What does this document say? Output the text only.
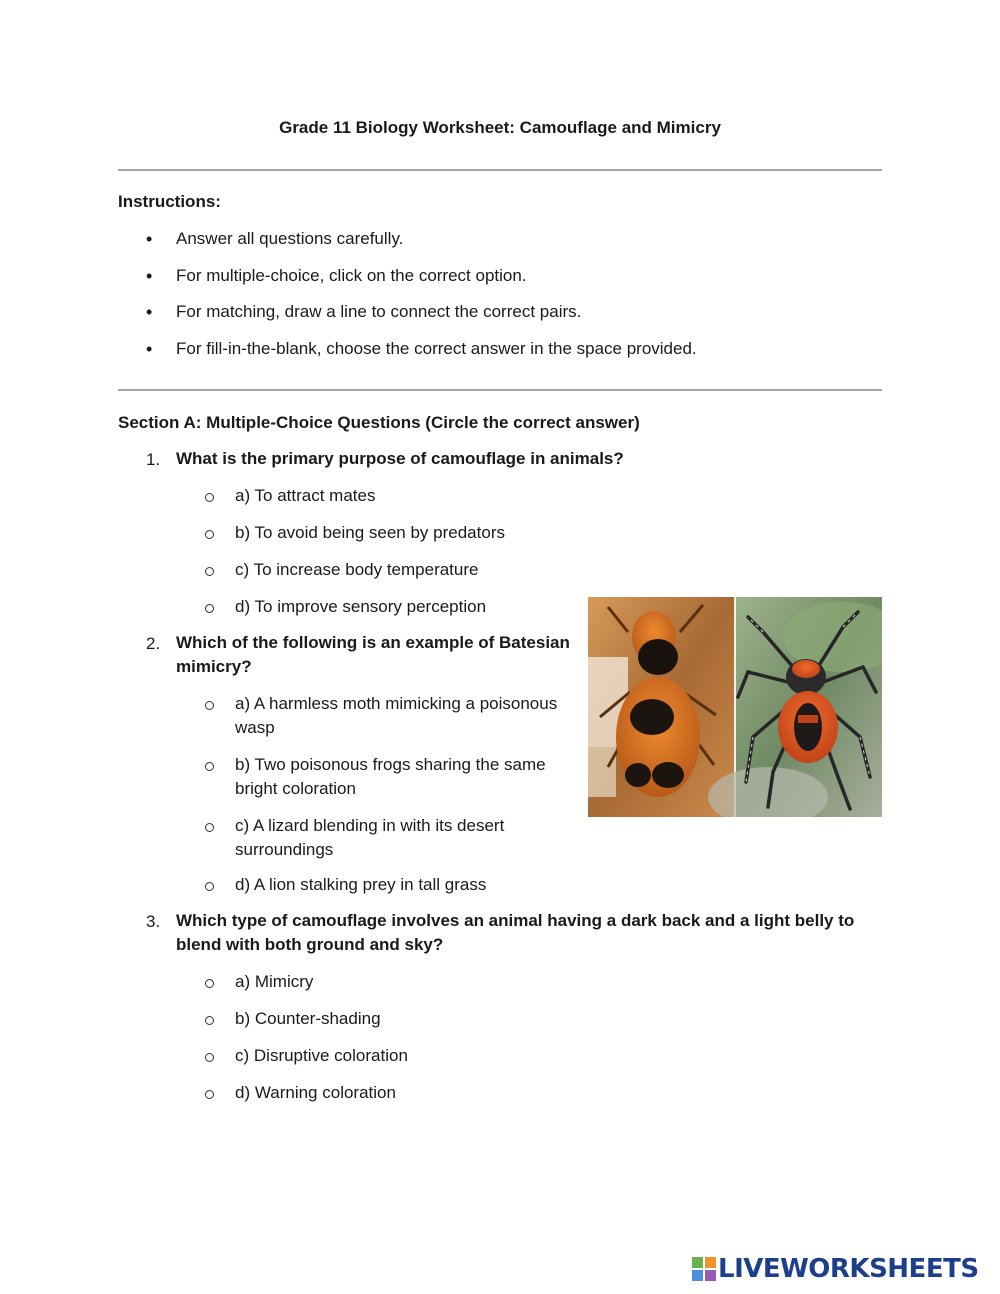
Grade 11 Biology Worksheet: Camouflage and Mimicry
Instructions:
• Answer all questions carefully.
• For multiple-choice, click on the correct option.
• For matching, draw a line to connect the correct pairs.
• For fill-in-the-blank, choose the correct answer in the space provided.
Section A: Multiple-Choice Questions (Circle the correct answer)
1. What is the primary purpose of camouflage in animals?
a) To attract mates
b) To avoid being seen by predators
c) To increase body temperature
d) To improve sensory perception
2. Which of the following is an example of Batesian mimicry?
a) A harmless moth mimicking a poisonous wasp
b) Two poisonous frogs sharing the same bright coloration
c) A lizard blending in with its desert surroundings
d) A lion stalking prey in tall grass
3. Which type of camouflage involves an animal having a dark back and a light belly to blend with both ground and sky?
a) Mimicry
b) Counter-shading
c) Disruptive coloration
d) Warning coloration
LIVEWORKSHEETS
